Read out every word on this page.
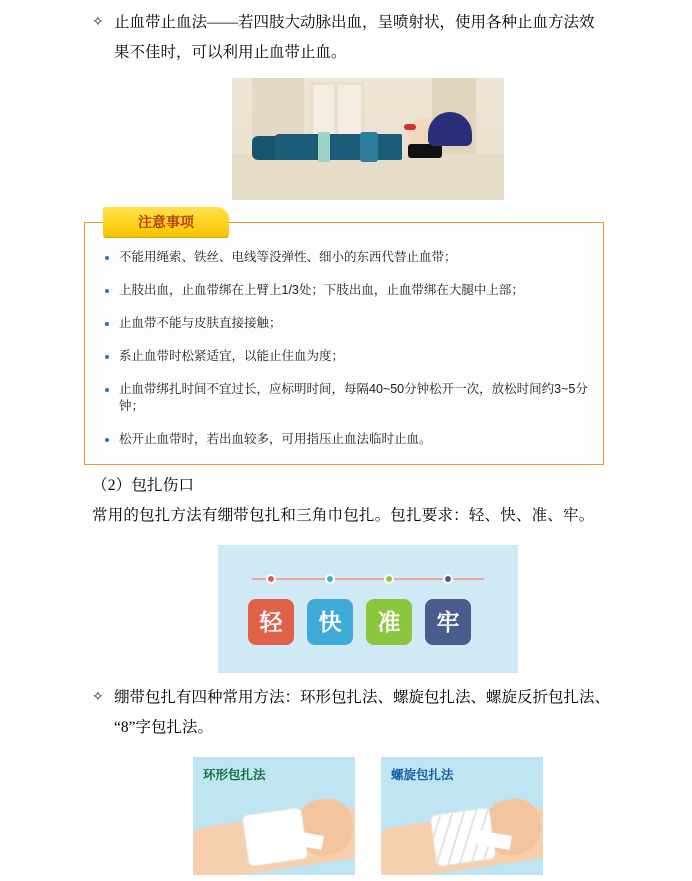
✧ 止血带止血法——若四肢大动脉出血，呈喷射状，使用各种止血方法效
果不佳时，可以利用止血带止血。
注意事项
不能用绳索、铁丝、电线等没弹性、细小的东西代替止血带；
上肢出血，止血带绑在上臂上1/3处；下肢出血，止血带绑在大腿中上部；
止血带不能与皮肤直接接触；
系止血带时松紧适宜，以能止住血为度；
止血带绑扎时间不宜过长，应标明时间，每隔40~50分钟松开一次，放松时间约3~5分钟；
松开止血带时，若出血较多，可用指压止血法临时止血。
（2）包扎伤口
常用的包扎方法有绷带包扎和三角巾包扎。包扎要求：轻、快、准、牢。
轻	快	准	牢
✧ 绷带包扎有四种常用方法：环形包扎法、螺旋包扎法、螺旋反折包扎法、
“8”字包扎法。
环形包扎法	螺旋包扎法
